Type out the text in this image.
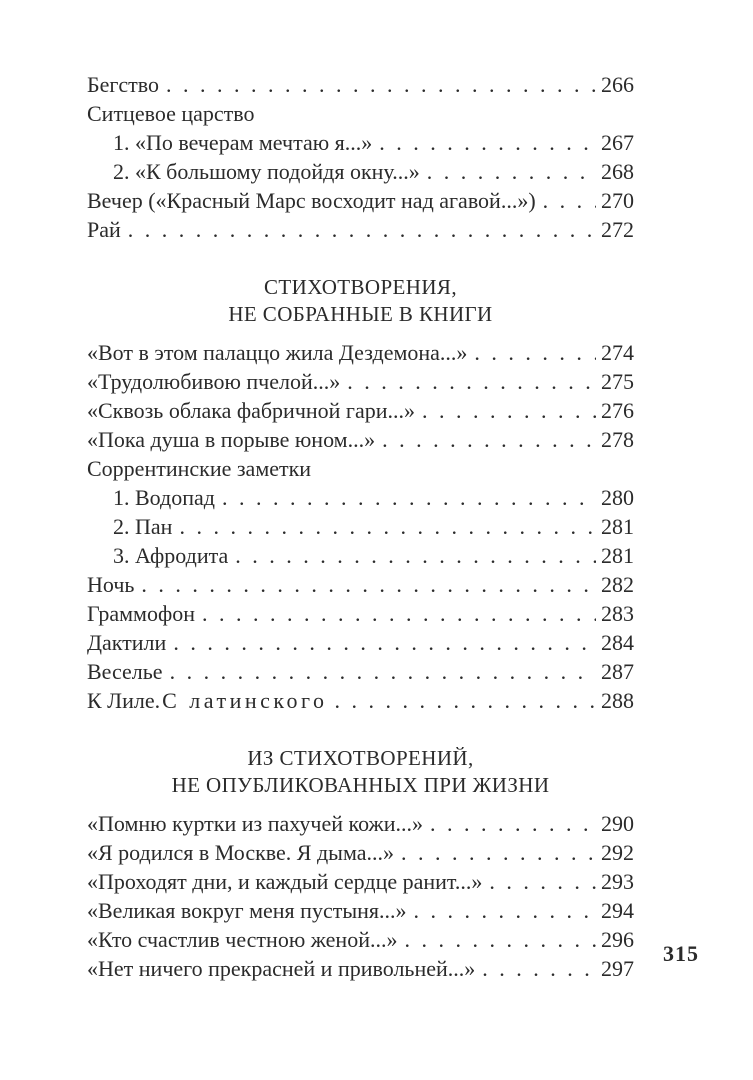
Бегство . . .	266
Ситцевое царство
1. «По вечерам мечтаю я...» . . .	267
2. «К большому подойдя окну...» . . .	268
Вечер («Красный Марс восходит над агавой...») . . .	270
Рай . . .	272
СТИХОТВОРЕНИЯ,
НЕ СОБРАННЫЕ В КНИГИ
«Вот в этом палаццо жила Дездемона...» . . .	274
«Трудолюбивою пчелой...» . . .	275
«Сквозь облака фабричной гари...» . . .	276
«Пока душа в порыве юном...» . . .	278
Соррентинские заметки
1. Водопад . . .	280
2. Пан . . .	281
3. Афродита . . .	281
Ночь . . .	282
Граммофон . . .	283
Дактили . . .	284
Веселье . . .	287
К Лиле. С латинского . . .	288
ИЗ СТИХОТВОРЕНИЙ,
НЕ ОПУБЛИКОВАННЫХ ПРИ ЖИЗНИ
«Помню куртки из пахучей кожи...» . . .	290
«Я родился в Москве. Я дыма...» . . .	292
«Проходят дни, и каждый сердце ранит...» . . .	293
«Великая вокруг меня пустыня...» . . .	294
«Кто счастлив честною женой...» . . .	296
«Нет ничего прекрасней и привольней...» . . .	297
315
